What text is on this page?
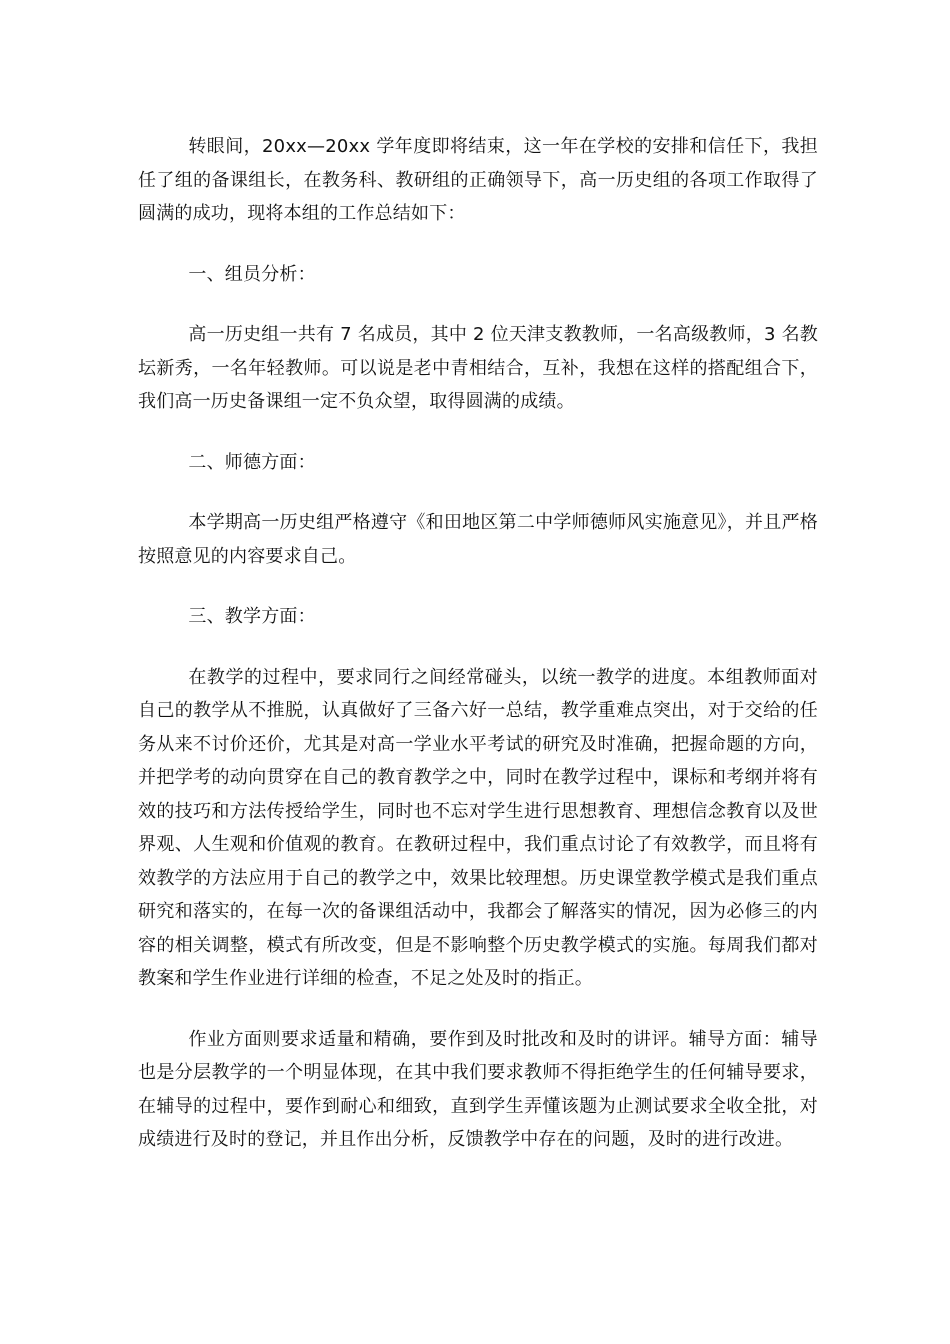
转眼间，20xx—20xx 学年度即将结束，这一年在学校的安排和信任下，我担任了组的备课组长，在教务科、教研组的正确领导下，高一历史组的各项工作取得了圆满的成功，现将本组的工作总结如下：

一、组员分析：

高一历史组一共有 7 名成员，其中 2 位天津支教教师，一名高级教师，3 名教坛新秀，一名年轻教师。可以说是老中青相结合，互补，我想在这样的搭配组合下，我们高一历史备课组一定不负众望，取得圆满的成绩。

二、师德方面：

本学期高一历史组严格遵守《和田地区第二中学师德师风实施意见》，并且严格按照意见的内容要求自己。

三、教学方面：

在教学的过程中，要求同行之间经常碰头，以统一教学的进度。本组教师面对自己的教学从不推脱，认真做好了三备六好一总结，教学重难点突出，对于交给的任务从来不讨价还价，尤其是对高一学业水平考试的研究及时准确，把握命题的方向，并把学考的动向贯穿在自己的教育教学之中，同时在教学过程中，课标和考纲并将有效的技巧和方法传授给学生，同时也不忘对学生进行思想教育、理想信念教育以及世界观、人生观和价值观的教育。在教研过程中，我们重点讨论了有效教学，而且将有效教学的方法应用于自己的教学之中，效果比较理想。历史课堂教学模式是我们重点研究和落实的，在每一次的备课组活动中，我都会了解落实的情况，因为必修三的内容的相关调整，模式有所改变，但是不影响整个历史教学模式的实施。每周我们都对教案和学生作业进行详细的检查，不足之处及时的指正。

作业方面则要求适量和精确，要作到及时批改和及时的讲评。辅导方面：辅导也是分层教学的一个明显体现，在其中我们要求教师不得拒绝学生的任何辅导要求，在辅导的过程中，要作到耐心和细致，直到学生弄懂该题为止测试要求全收全批，对成绩进行及时的登记，并且作出分析，反馈教学中存在的问题，及时的进行改进。
